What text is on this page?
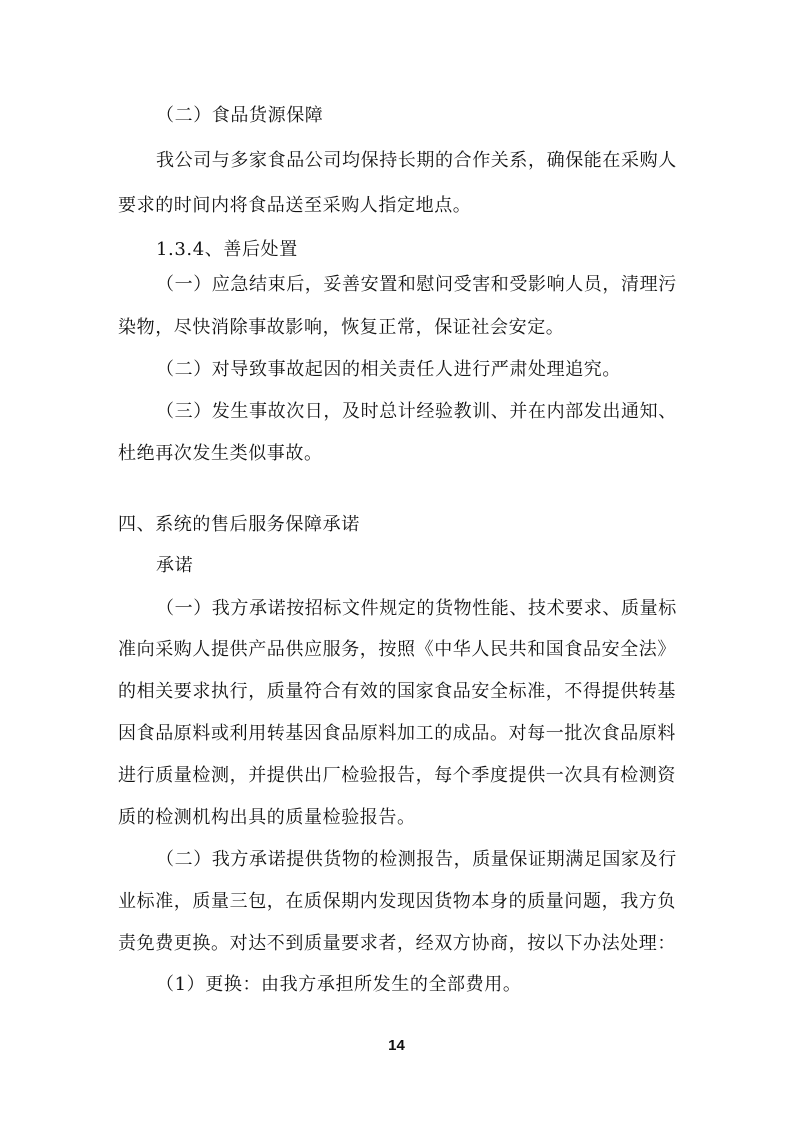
（二）食品货源保障
我公司与多家食品公司均保持长期的合作关系，确保能在采购人
要求的时间内将食品送至采购人指定地点。
1.3.4、善后处置
（一）应急结束后，妥善安置和慰问受害和受影响人员，清理污
染物，尽快消除事故影响，恢复正常，保证社会安定。
（二）对导致事故起因的相关责任人进行严肃处理追究。
（三）发生事故次日，及时总计经验教训、并在内部发出通知、
杜绝再次发生类似事故。
四、系统的售后服务保障承诺
承诺
（一）我方承诺按招标文件规定的货物性能、技术要求、质量标
准向采购人提供产品供应服务，按照《中华人民共和国食品安全法》
的相关要求执行，质量符合有效的国家食品安全标准，不得提供转基
因食品原料或利用转基因食品原料加工的成品。对每一批次食品原料
进行质量检测，并提供出厂检验报告，每个季度提供一次具有检测资
质的检测机构出具的质量检验报告。
（二）我方承诺提供货物的检测报告，质量保证期满足国家及行
业标准，质量三包，在质保期内发现因货物本身的质量问题，我方负
责免费更换。对达不到质量要求者，经双方协商，按以下办法处理：
（1）更换：由我方承担所发生的全部费用。
14
